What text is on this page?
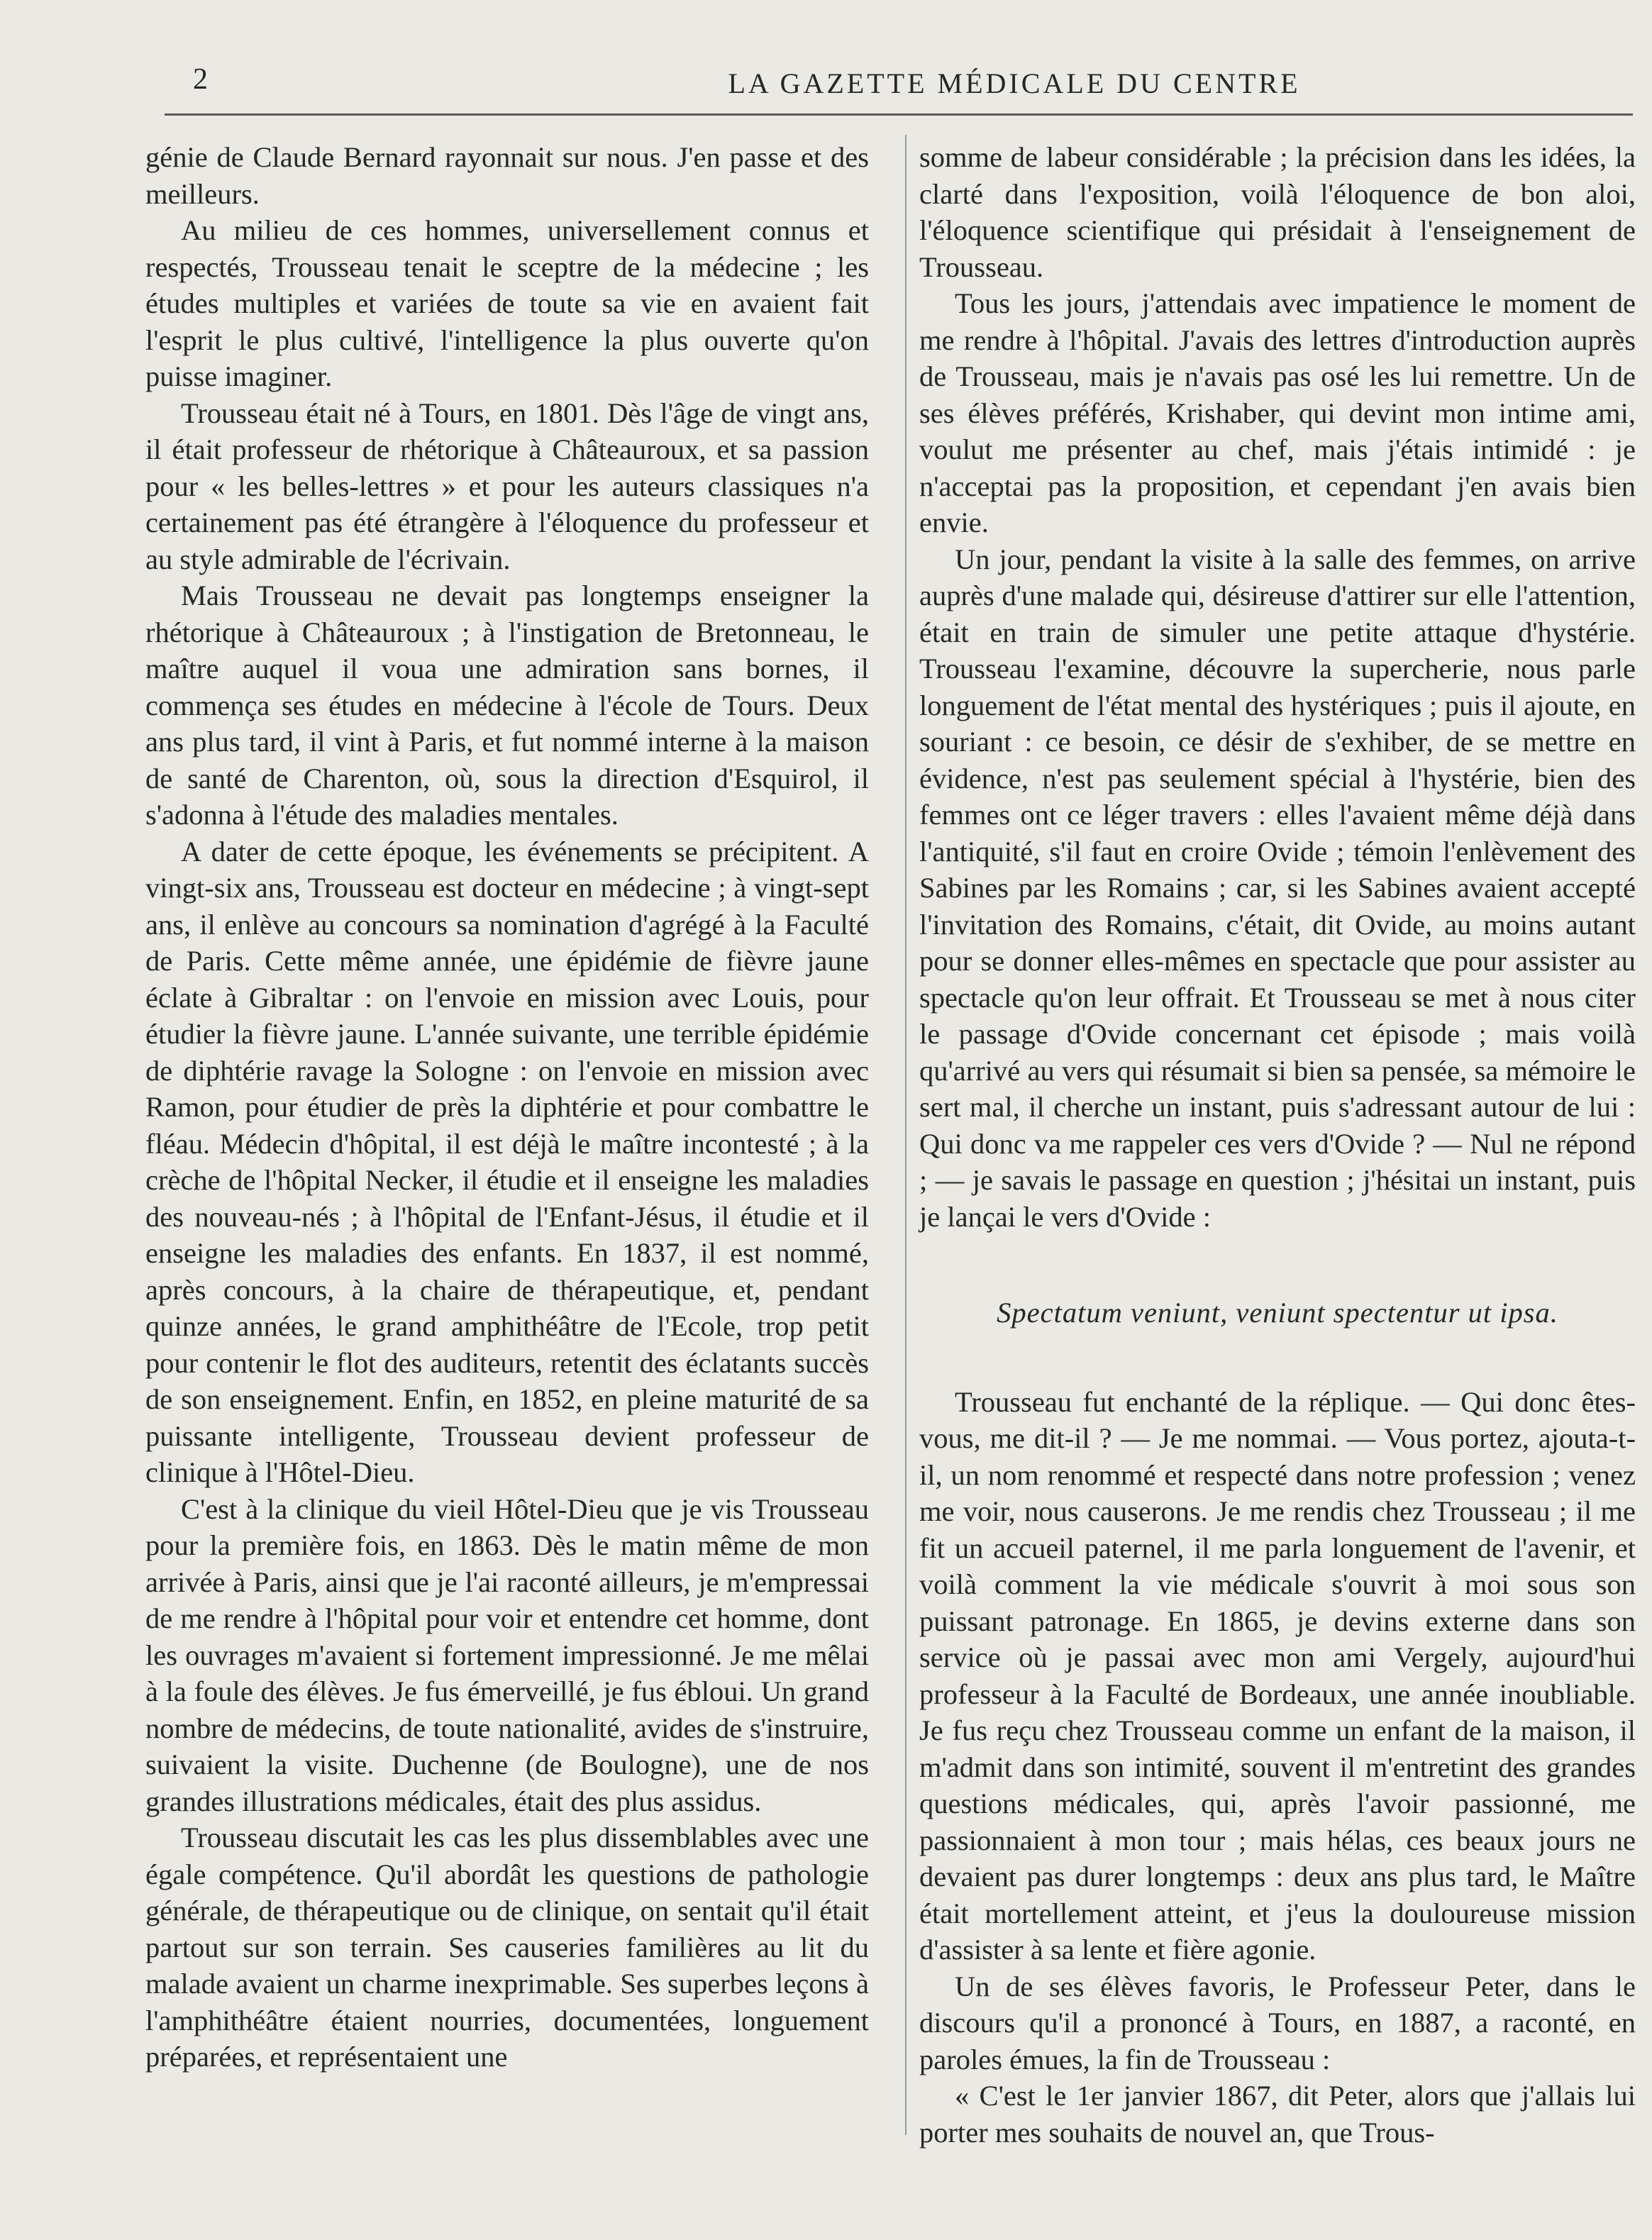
2	LA GAZETTE MÉDICALE DU CENTRE

génie de Claude Bernard rayonnait sur nous. J'en passe et des meilleurs.

Au milieu de ces hommes, universellement connus et respectés, Trousseau tenait le sceptre de la médecine ; les études multiples et variées de toute sa vie en avaient fait l'esprit le plus cultivé, l'intelligence la plus ouverte qu'on puisse imaginer.

Trousseau était né à Tours, en 1801. Dès l'âge de vingt ans, il était professeur de rhétorique à Châteauroux, et sa passion pour « les belles-lettres » et pour les auteurs classiques n'a certainement pas été étrangère à l'éloquence du professeur et au style admirable de l'écrivain.

Mais Trousseau ne devait pas longtemps enseigner la rhétorique à Châteauroux ; à l'instigation de Bretonneau, le maître auquel il voua une admiration sans bornes, il commença ses études en médecine à l'école de Tours. Deux ans plus tard, il vint à Paris, et fut nommé interne à la maison de santé de Charenton, où, sous la direction d'Esquirol, il s'adonna à l'étude des maladies mentales.

A dater de cette époque, les événements se précipitent. A vingt-six ans, Trousseau est docteur en médecine ; à vingt-sept ans, il enlève au concours sa nomination d'agrégé à la Faculté de Paris. Cette même année, une épidémie de fièvre jaune éclate à Gibraltar : on l'envoie en mission avec Louis, pour étudier la fièvre jaune. L'année suivante, une terrible épidémie de diphtérie ravage la Sologne : on l'envoie en mission avec Ramon, pour étudier de près la diphtérie et pour combattre le fléau. Médecin d'hôpital, il est déjà le maître incontesté ; à la crèche de l'hôpital Necker, il étudie et il enseigne les maladies des nouveau-nés ; à l'hôpital de l'Enfant-Jésus, il étudie et il enseigne les maladies des enfants. En 1837, il est nommé, après concours, à la chaire de thérapeutique, et, pendant quinze années, le grand amphithéâtre de l'Ecole, trop petit pour contenir le flot des auditeurs, retentit des éclatants succès de son enseignement. Enfin, en 1852, en pleine maturité de sa puissante intelligente, Trousseau devient professeur de clinique à l'Hôtel-Dieu.

C'est à la clinique du vieil Hôtel-Dieu que je vis Trousseau pour la première fois, en 1863. Dès le matin même de mon arrivée à Paris, ainsi que je l'ai raconté ailleurs, je m'empressai de me rendre à l'hôpital pour voir et entendre cet homme, dont les ouvrages m'avaient si fortement impressionné. Je me mêlai à la foule des élèves. Je fus émerveillé, je fus ébloui. Un grand nombre de médecins, de toute nationalité, avides de s'instruire, suivaient la visite. Duchenne (de Boulogne), une de nos grandes illustrations médicales, était des plus assidus.

Trousseau discutait les cas les plus dissemblables avec une égale compétence. Qu'il abordât les questions de pathologie générale, de thérapeutique ou de clinique, on sentait qu'il était partout sur son terrain. Ses causeries familières au lit du malade avaient un charme inexprimable. Ses superbes leçons à l'amphithéâtre étaient nourries, documentées, longuement préparées, et représentaient une

somme de labeur considérable ; la précision dans les idées, la clarté dans l'exposition, voilà l'éloquence de bon aloi, l'éloquence scientifique qui présidait à l'enseignement de Trousseau.

Tous les jours, j'attendais avec impatience le moment de me rendre à l'hôpital. J'avais des lettres d'introduction auprès de Trousseau, mais je n'avais pas osé les lui remettre. Un de ses élèves préférés, Krishaber, qui devint mon intime ami, voulut me présenter au chef, mais j'étais intimidé : je n'acceptai pas la proposition, et cependant j'en avais bien envie.

Un jour, pendant la visite à la salle des femmes, on arrive auprès d'une malade qui, désireuse d'attirer sur elle l'attention, était en train de simuler une petite attaque d'hystérie. Trousseau l'examine, découvre la supercherie, nous parle longuement de l'état mental des hystériques ; puis il ajoute, en souriant : ce besoin, ce désir de s'exhiber, de se mettre en évidence, n'est pas seulement spécial à l'hystérie, bien des femmes ont ce léger travers : elles l'avaient même déjà dans l'antiquité, s'il faut en croire Ovide ; témoin l'enlèvement des Sabines par les Romains ; car, si les Sabines avaient accepté l'invitation des Romains, c'était, dit Ovide, au moins autant pour se donner elles-mêmes en spectacle que pour assister au spectacle qu'on leur offrait. Et Trousseau se met à nous citer le passage d'Ovide concernant cet épisode ; mais voilà qu'arrivé au vers qui résumait si bien sa pensée, sa mémoire le sert mal, il cherche un instant, puis s'adressant autour de lui : Qui donc va me rappeler ces vers d'Ovide ? — Nul ne répond ; — je savais le passage en question ; j'hésitai un instant, puis je lançai le vers d'Ovide :

Spectatum veniunt, veniunt spectentur ut ipsa.

Trousseau fut enchanté de la réplique. — Qui donc êtes-vous, me dit-il ? — Je me nommai. — Vous portez, ajouta-t-il, un nom renommé et respecté dans notre profession ; venez me voir, nous causerons. Je me rendis chez Trousseau ; il me fit un accueil paternel, il me parla longuement de l'avenir, et voilà comment la vie médicale s'ouvrit à moi sous son puissant patronage. En 1865, je devins externe dans son service où je passai avec mon ami Vergely, aujourd'hui professeur à la Faculté de Bordeaux, une année inoubliable. Je fus reçu chez Trousseau comme un enfant de la maison, il m'admit dans son intimité, souvent il m'entretint des grandes questions médicales, qui, après l'avoir passionné, me passionnaient à mon tour ; mais hélas, ces beaux jours ne devaient pas durer longtemps : deux ans plus tard, le Maître était mortellement atteint, et j'eus la douloureuse mission d'assister à sa lente et fière agonie.

Un de ses élèves favoris, le Professeur Peter, dans le discours qu'il a prononcé à Tours, en 1887, a raconté, en paroles émues, la fin de Trousseau :

« C'est le 1er janvier 1867, dit Peter, alors que j'allais lui porter mes souhaits de nouvel an, que Trous-
